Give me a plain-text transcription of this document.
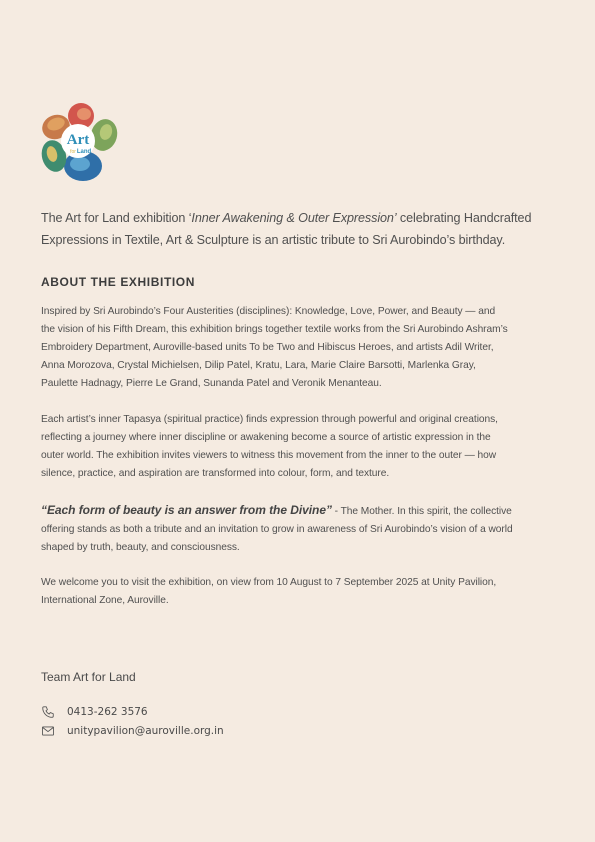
Art
for Land
The Art for Land exhibition ‘Inner Awakening & Outer Expression’ celebrating Handcrafted
Expressions in Textile, Art & Sculpture is an artistic tribute to Sri Aurobindo’s birthday.
ABOUT THE EXHIBITION
Inspired by Sri Aurobindo’s Four Austerities (disciplines): Knowledge, Love, Power, and Beauty — and
the vision of his Fifth Dream, this exhibition brings together textile works from the Sri Aurobindo Ashram’s
Embroidery Department, Auroville-based units To be Two and Hibiscus Heroes, and artists Adil Writer,
Anna Morozova, Crystal Michielsen, Dilip Patel, Kratu, Lara, Marie Claire Barsotti, Marlenka Gray,
Paulette Hadnagy, Pierre Le Grand, Sunanda Patel and Veronik Menanteau.
Each artist’s inner Tapasya (spiritual practice) finds expression through powerful and original creations,
reflecting a journey where inner discipline or awakening become a source of artistic expression in the
outer world. The exhibition invites viewers to witness this movement from the inner to the outer — how
silence, practice, and aspiration are transformed into colour, form, and texture.
“Each form of beauty is an answer from the Divine” - The Mother. In this spirit, the collective
offering stands as both a tribute and an invitation to grow in awareness of Sri Aurobindo’s vision of a world
shaped by truth, beauty, and consciousness.
We welcome you to visit the exhibition, on view from 10 August to 7 September 2025 at Unity Pavilion,
International Zone, Auroville.
Team Art for Land
0413-262 3576
unitypavilion@auroville.org.in
